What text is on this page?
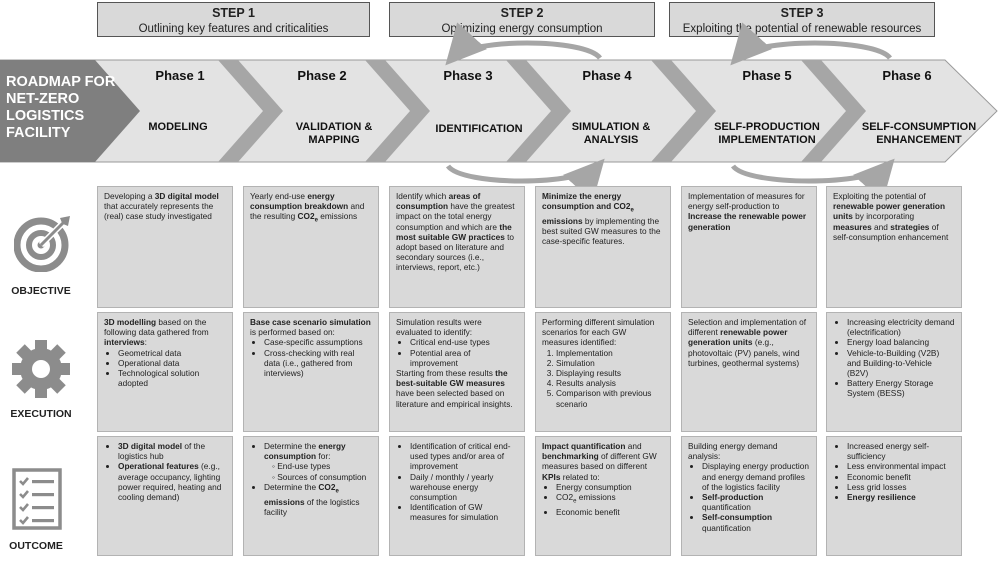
STEP 1
Outlining key features and criticalities
STEP 2
Optimizing energy consumption
STEP 3
Exploiting the potential of renewable resources
ROADMAP FOR NET-ZERO LOGISTICS FACILITY
Phase 1
MODELING
Phase 2
VALIDATION & MAPPING
Phase 3
IDENTIFICATION
Phase 4
SIMULATION & ANALYSIS
Phase 5
SELF-PRODUCTION IMPLEMENTATION
Phase 6
SELF-CONSUMPTION ENHANCEMENT
OBJECTIVE
EXECUTION
OUTCOME
Developing a 3D digital model that accurately represents the (real) case study investigated
Yearly end-use energy consumption breakdown and the resulting $CO2_e$ emissions
Identify which areas of consumption have the greatest impact on the total energy consumption and which are the most suitable GW practices to adopt based on literature and secondary sources (i.e., interviews, report, etc.)
Minimize the energy consumption and $CO2_e$ emissions by implementing the best suited GW measures to the case-specific features.
Implementation of measures for energy self-production to Increase the renewable power generation
Exploiting the potential of renewable power generation units by incorporating measures and strategies of self-consumption enhancement
3D modelling based on the following data gathered from interviews:
• Geometrical data
• Operational data
• Technological solution adopted
Base case scenario simulation is performed based on:
• Case-specific assumptions
• Cross-checking with real data (i.e., gathered from interviews)
Simulation results were evaluated to identify:
• Critical end-use types
• Potential area of improvement
Starting from these results the best-suitable GW measures have been selected based on literature and empirical insights.
Performing different simulation scenarios for each GW measures identified:
1. Implementation
2. Simulation
3. Displaying results
4. Results analysis
5. Comparison with previous scenario
Selection and implementation of different renewable power generation units (e.g., photovoltaic (PV) panels, wind turbines, geothermal systems)
• Increasing electricity demand (electrification)
• Energy load balancing
• Vehicle-to-Building (V2B) and Building-to-Vehicle (B2V)
• Battery Energy Storage System (BESS)
• 3D digital model of the logistics hub
• Operational features (e.g., average occupancy, lighting power required, heating and cooling demand)
• Determine the energy consumption for:
◦ End-use types
◦ Sources of consumption
• Determine the $CO2_e$ emissions of the logistics facility
• Identification of critical end-used types and/or area of improvement
• Daily / monthly / yearly warehouse energy consumption
• Identification of GW measures for simulation
Impact quantification and benchmarking of different GW measures based on different KPIs related to:
• Energy consumption
• $CO2_e$ emissions
• Economic benefit
Building energy demand analysis:
• Displaying energy production and energy demand profiles of the logistics facility
• Self-production quantification
• Self-consumption quantification
• Increased energy self-sufficiency
• Less environmental impact
• Economic benefit
• Less grid losses
• Energy resilience
